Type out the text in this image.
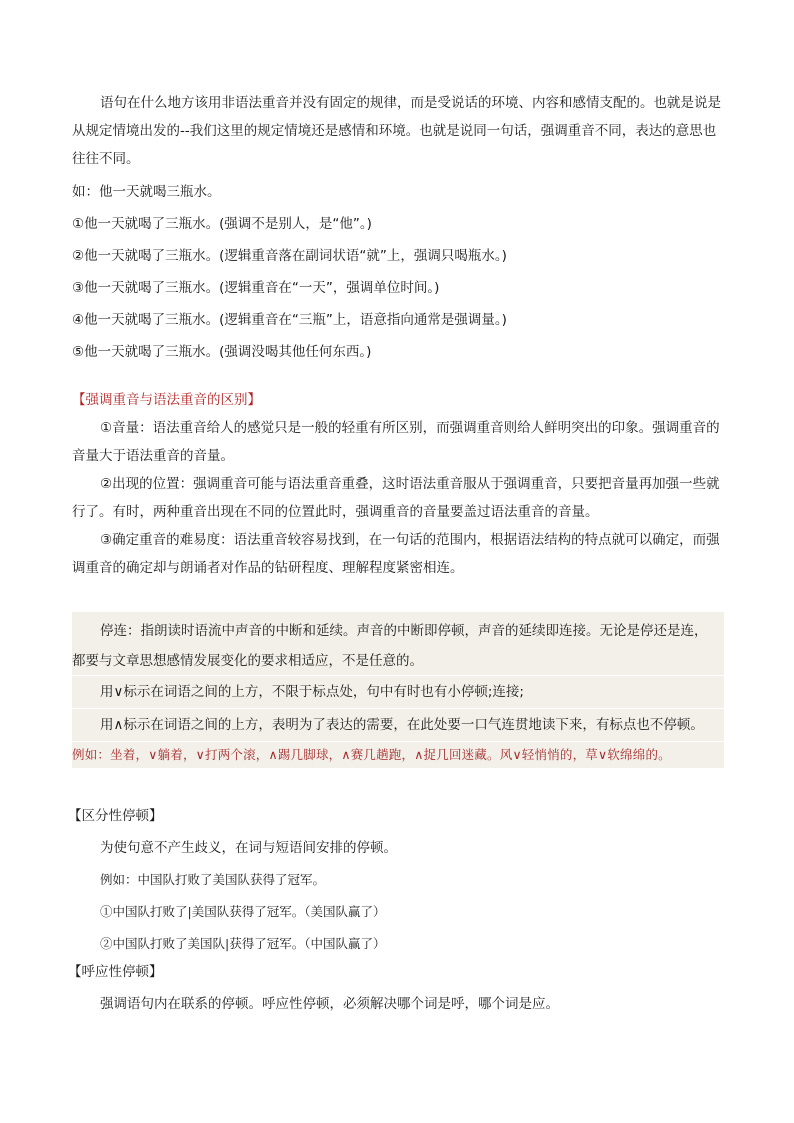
语句在什么地方该用非语法重音并没有固定的规律，而是受说话的环境、内容和感情支配的。也就是说是从规定情境出发的--我们这里的规定情境还是感情和环境。也就是说同一句话，强调重音不同，表达的意思也往往不同。

如：他一天就喝三瓶水。

①他一天就喝了三瓶水。(强调不是别人，是“他”。)

②他一天就喝了三瓶水。(逻辑重音落在副词状语“就”上，强调只喝瓶水。)

③他一天就喝了三瓶水。(逻辑重音在“一天”，强调单位时间。)

④他一天就喝了三瓶水。(逻辑重音在“三瓶”上，语意指向通常是强调量。)

⑤他一天就喝了三瓶水。(强调没喝其他任何东西。)

【强调重音与语法重音的区别】

①音量：语法重音给人的感觉只是一般的轻重有所区别，而强调重音则给人鲜明突出的印象。强调重音的音量大于语法重音的音量。

②出现的位置：强调重音可能与语法重音重叠，这时语法重音服从于强调重音，只要把音量再加强一些就行了。有时，两种重音出现在不同的位置此时，强调重音的音量要盖过语法重音的音量。

③确定重音的难易度：语法重音较容易找到，在一句话的范围内，根据语法结构的特点就可以确定，而强调重音的确定却与朗诵者对作品的钻研程度、理解程度紧密相连。

停连：指朗读时语流中声音的中断和延续。声音的中断即停顿，声音的延续即连接。无论是停还是连，

都要与文章思想感情发展变化的要求相适应，不是任意的。

用∨标示在词语之间的上方，不限于标点处，句中有时也有小停顿;连接;

用∧标示在词语之间的上方，表明为了表达的需要，在此处要一口气连贯地读下来，有标点也不停顿。

例如：坐着，∨躺着，∨打两个滚，∧踢几脚球，∧赛几趟跑，∧捉几回迷藏。风∨轻悄悄的，草∨软绵绵的。

【区分性停顿】

为使句意不产生歧义，在词与短语间安排的停顿。

例如：中国队打败了美国队获得了冠军。

①中国队打败了|美国队获得了冠军。（美国队赢了）

②中国队打败了美国队|获得了冠军。（中国队赢了）

【呼应性停顿】

强调语句内在联系的停顿。呼应性停顿，必须解决哪个词是呼，哪个词是应。
